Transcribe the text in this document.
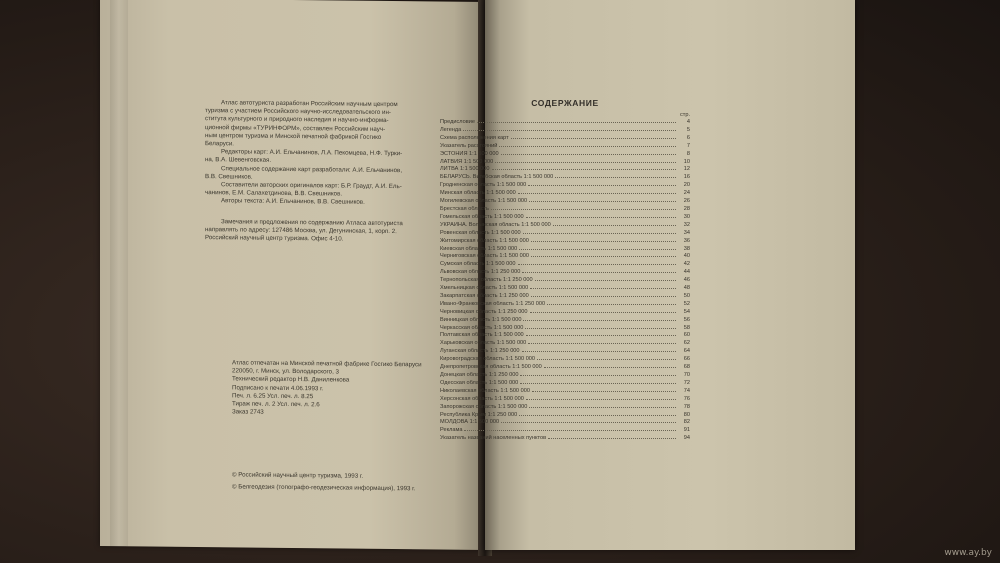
Атлас автотуриста разработан Российским научным центром

туризма с участием Российского научно-исследовательского ин-

ститута культурного и природного наследия и научно-информа-

ционной фирмы «ТУРИНФОРМ», составлен Российским науч-

ным центром туризма и Минской печатной фабрикой Госгико

Беларуси.

Редакторы карт: А.И. Ельчанинов, Л.А. Пекомцева, Н.Ф. Турки-

на, В.А. Шевенговская.

Специальное содержание карт разработали: А.И. Ельчанинов,

В.В. Свешников.

Составители авторских оригиналов карт: Б.Р. Граудт, А.И. Ель-

чанинов, Е.М. Салахетдинова, В.В. Свешников.

Авторы текста: А.И. Ельчанинов, В.В. Свешников.

Замечания и предложения по содержанию Атласа автотуриста

направлять по адресу: 127486 Москва, ул. Дегунинская, 1, корп. 2.

Российский научный центр туризма. Офис 4-10.

Атлас отпечатан на Минской печатной фабрике Госгико Беларуси

220050, г. Минск, ул. Володарского, 3

Технический редактор Н.В. Даниленкова

Подписано к печати 4.06.1993 г.

Печ. л. 6.25 Усл. печ. л. 8.25

Тираж печ. л. 2 Усл. печ. л. 2.6

Заказ 2743

© Российский научный центр туризма, 1993 г.

© Белгеодезия (топографо-геодезическая информация), 1993 г.

СОДЕРЖАНИЕ
стр.
Предисловие	4
Легенда	5
Схема расположения карт	6
Указатель расстояний	7
ЭСТОНИЯ 1:1 500 000	8
ЛАТВИЯ 1:1 500 000	10
ЛИТВА 1:1 500 000	12
БЕЛАРУСЬ. Витебская область 1:1 500 000	16
Гродненская область 1:1 500 000	20
Минская область 1:1 500 000	24
Могилевская область 1:1 500 000	26
Брестская область	28
Гомельская область 1:1 500 000	30
УКРАИНА. Волынская область 1:1 500 000	32
Ровенская область 1:1 500 000	34
Житомирская область 1:1 500 000	36
Киевская область 1:1 500 000	38
Черниговская область 1:1 500 000	40
Сумская область 1:1 500 000	42
Львовская область 1:1 250 000	44
Тернопольская область 1:1 250 000	46
Хмельницкая область 1:1 500 000	48
Закарпатская область 1:1 250 000	50
Ивано-Франковская область 1:1 250 000	52
Черновицкая область 1:1 250 000	54
Винницкая область 1:1 500 000	56
Черкасская область 1:1 500 000	58
Полтавская область 1:1 500 000	60
Харьковская область 1:1 500 000	62
Луганская область 1:1 250 000	64
Кировоградская область 1:1 500 000	66
Днепропетровская область 1:1 500 000	68
Донецкая область 1:1 250 000	70
Одесская область 1:1 500 000	72
Николаевская область 1:1 500 000	74
Херсонская область 1:1 500 000	76
Запорожская область 1:1 500 000	78
Республика Крым 1:1 250 000	80
МОЛДОВА 1:1 500 000	82
Реклама	91
Указатель названий населенных пунктов	94
www.ay.by
